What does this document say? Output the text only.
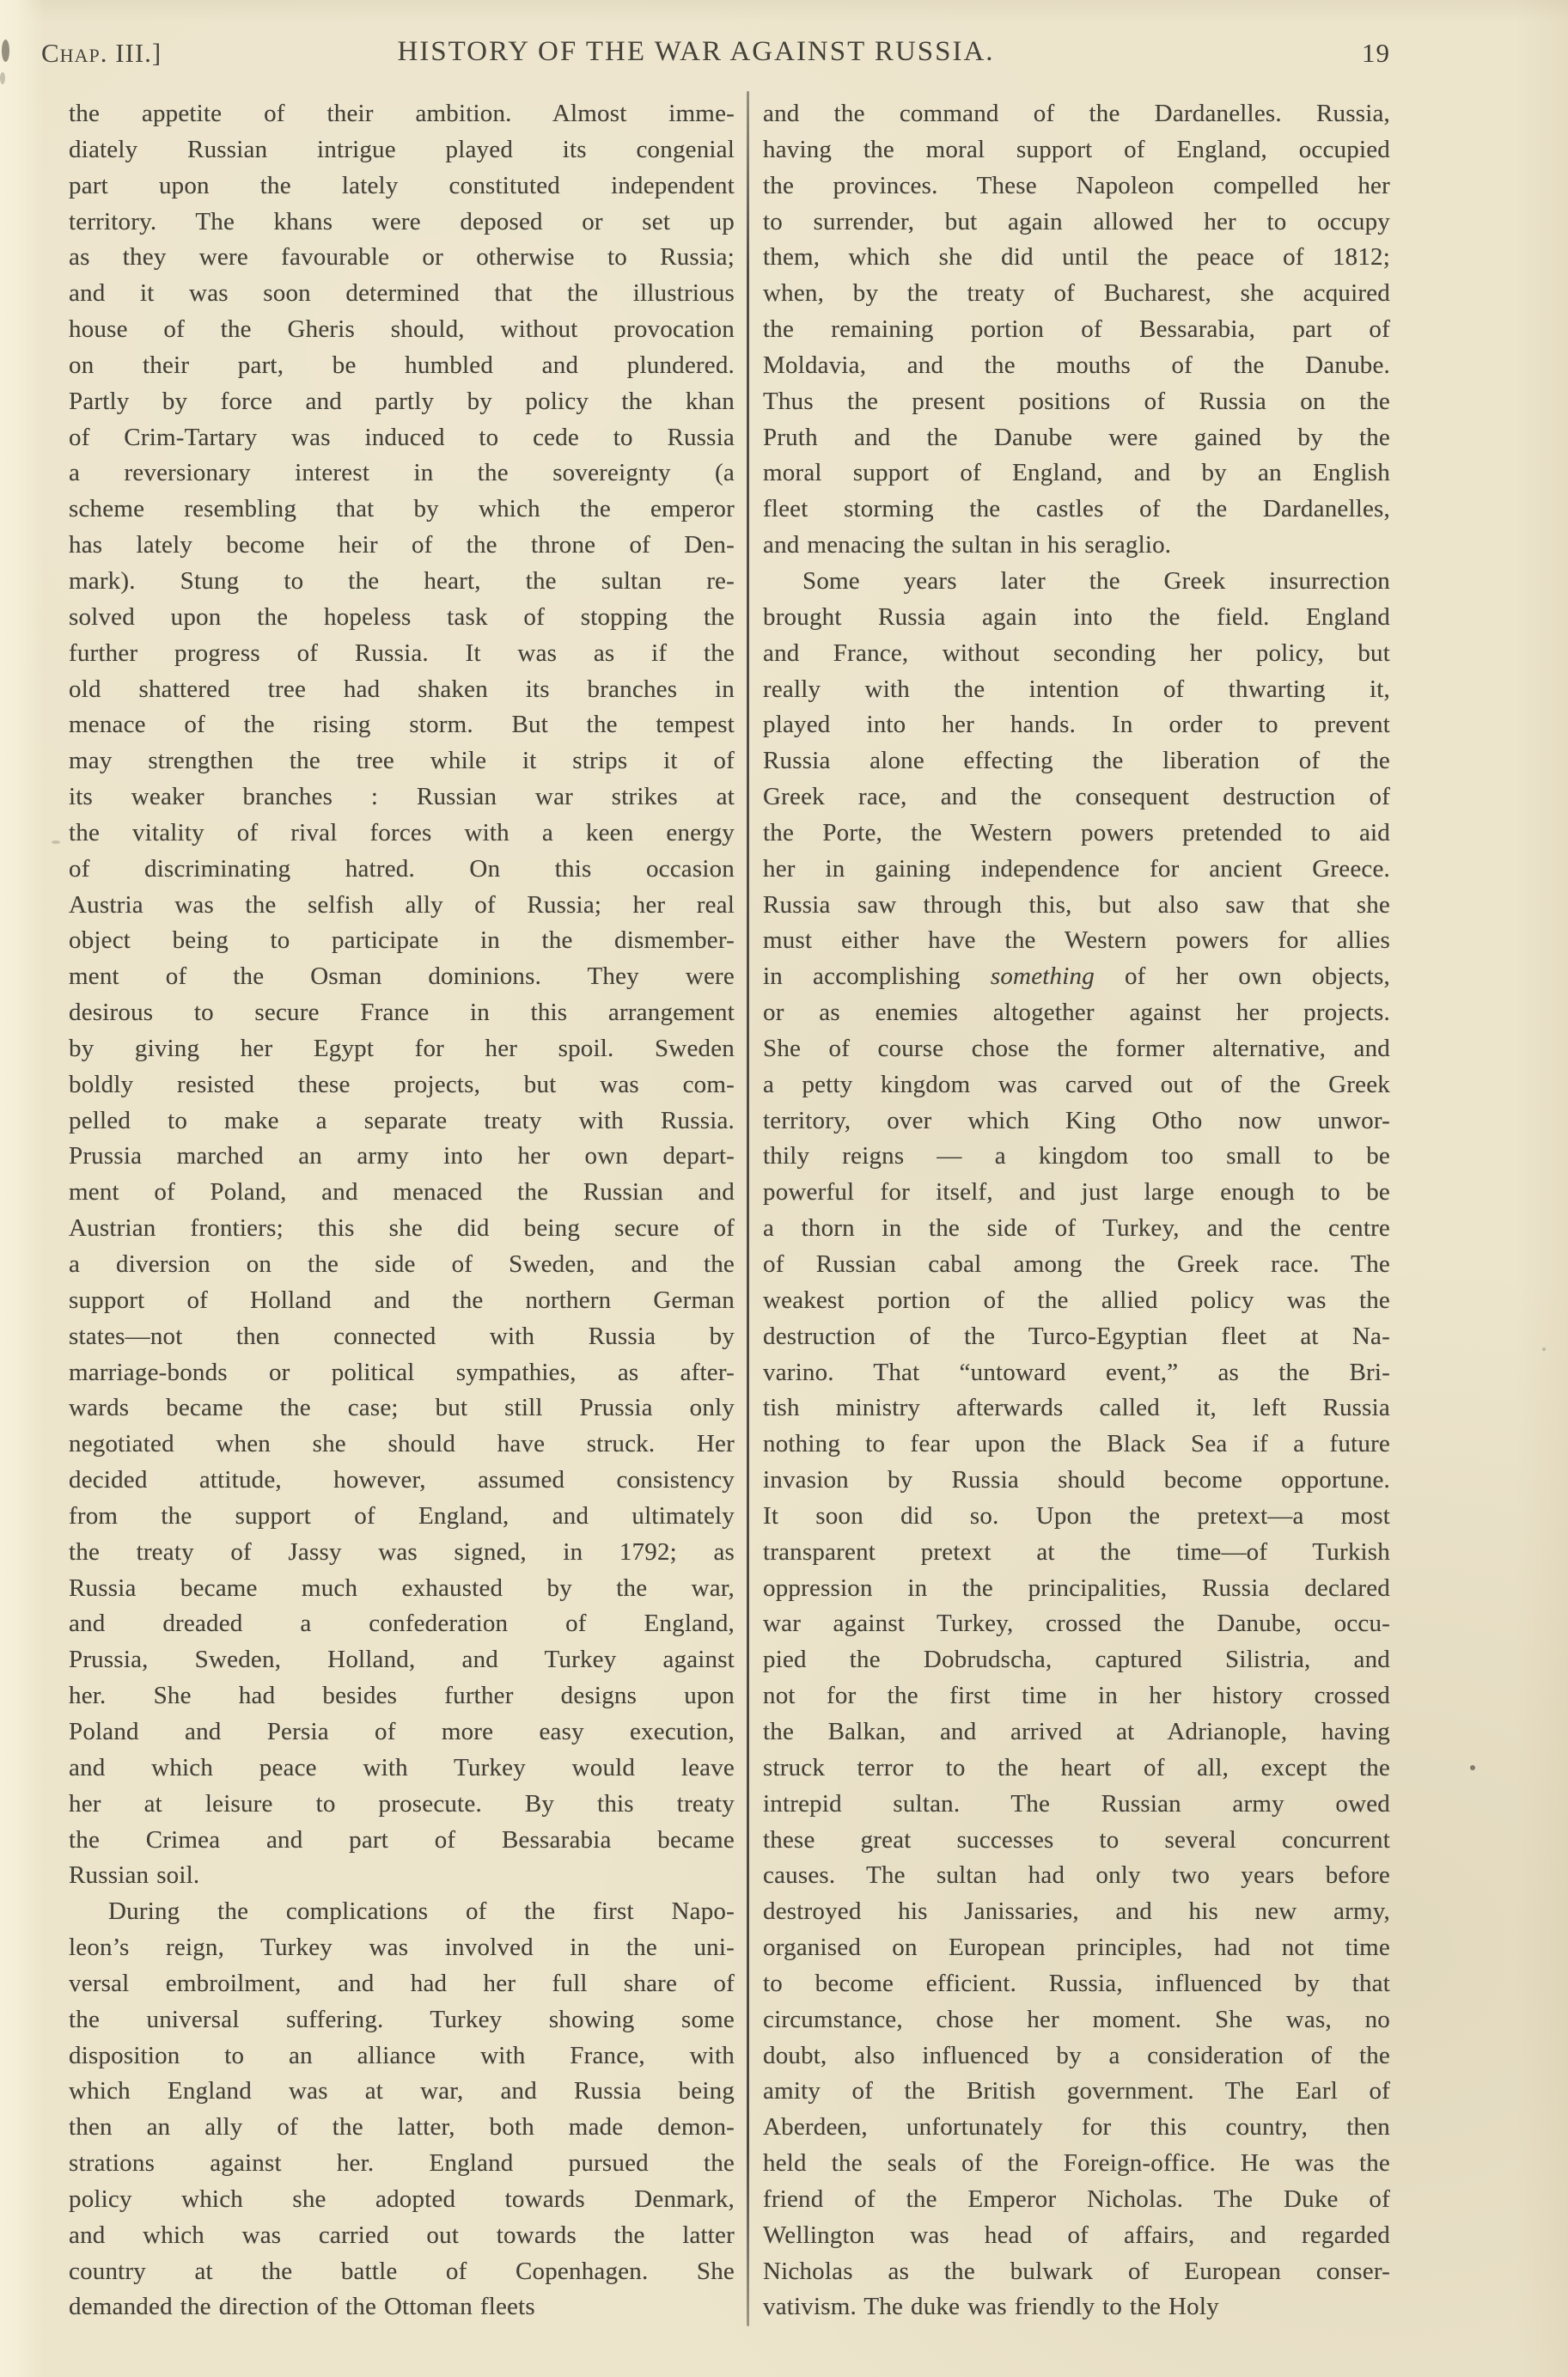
Chap. III.]	HISTORY OF THE WAR AGAINST RUSSIA.	19
the appetite of their ambition. Almost imme-
diately Russian intrigue played its congenial
part upon the lately constituted independent
territory. The khans were deposed or set up
as they were favourable or otherwise to Russia;
and it was soon determined that the illustrious
house of the Gheris should, without provocation
on their part, be humbled and plundered.
Partly by force and partly by policy the khan
of Crim-Tartary was induced to cede to Russia
a reversionary interest in the sovereignty (a
scheme resembling that by which the emperor
has lately become heir of the throne of Den-
mark). Stung to the heart, the sultan re-
solved upon the hopeless task of stopping the
further progress of Russia. It was as if the
old shattered tree had shaken its branches in
menace of the rising storm. But the tempest
may strengthen the tree while it strips it of
its weaker branches : Russian war strikes at
the vitality of rival forces with a keen energy
of discriminating hatred. On this occasion
Austria was the selfish ally of Russia; her real
object being to participate in the dismember-
ment of the Osman dominions. They were
desirous to secure France in this arrangement
by giving her Egypt for her spoil. Sweden
boldly resisted these projects, but was com-
pelled to make a separate treaty with Russia.
Prussia marched an army into her own depart-
ment of Poland, and menaced the Russian and
Austrian frontiers; this she did being secure of
a diversion on the side of Sweden, and the
support of Holland and the northern German
states—not then connected with Russia by
marriage-bonds or political sympathies, as after-
wards became the case; but still Prussia only
negotiated when she should have struck. Her
decided attitude, however, assumed consistency
from the support of England, and ultimately
the treaty of Jassy was signed, in 1792; as
Russia became much exhausted by the war,
and dreaded a confederation of England,
Prussia, Sweden, Holland, and Turkey against
her. She had besides further designs upon
Poland and Persia of more easy execution,
and which peace with Turkey would leave
her at leisure to prosecute. By this treaty
the Crimea and part of Bessarabia became
Russian soil.
During the complications of the first Napo-
leon’s reign, Turkey was involved in the uni-
versal embroilment, and had her full share of
the universal suffering. Turkey showing some
disposition to an alliance with France, with
which England was at war, and Russia being
then an ally of the latter, both made demon-
strations against her. England pursued the
policy which she adopted towards Denmark,
and which was carried out towards the latter
country at the battle of Copenhagen. She
demanded the direction of the Ottoman fleets
and the command of the Dardanelles. Russia,
having the moral support of England, occupied
the provinces. These Napoleon compelled her
to surrender, but again allowed her to occupy
them, which she did until the peace of 1812;
when, by the treaty of Bucharest, she acquired
the remaining portion of Bessarabia, part of
Moldavia, and the mouths of the Danube.
Thus the present positions of Russia on the
Pruth and the Danube were gained by the
moral support of England, and by an English
fleet storming the castles of the Dardanelles,
and menacing the sultan in his seraglio.
Some years later the Greek insurrection
brought Russia again into the field. England
and France, without seconding her policy, but
really with the intention of thwarting it,
played into her hands. In order to prevent
Russia alone effecting the liberation of the
Greek race, and the consequent destruction of
the Porte, the Western powers pretended to aid
her in gaining independence for ancient Greece.
Russia saw through this, but also saw that she
must either have the Western powers for allies
in accomplishing something of her own objects,
or as enemies altogether against her projects.
She of course chose the former alternative, and
a petty kingdom was carved out of the Greek
territory, over which King Otho now unwor-
thily reigns — a kingdom too small to be
powerful for itself, and just large enough to be
a thorn in the side of Turkey, and the centre
of Russian cabal among the Greek race. The
weakest portion of the allied policy was the
destruction of the Turco-Egyptian fleet at Na-
varino. That “untoward event,” as the Bri-
tish ministry afterwards called it, left Russia
nothing to fear upon the Black Sea if a future
invasion by Russia should become opportune.
It soon did so. Upon the pretext—a most
transparent pretext at the time—of Turkish
oppression in the principalities, Russia declared
war against Turkey, crossed the Danube, occu-
pied the Dobrudscha, captured Silistria, and
not for the first time in her history crossed
the Balkan, and arrived at Adrianople, having
struck terror to the heart of all, except the
intrepid sultan. The Russian army owed
these great successes to several concurrent
causes. The sultan had only two years before
destroyed his Janissaries, and his new army,
organised on European principles, had not time
to become efficient. Russia, influenced by that
circumstance, chose her moment. She was, no
doubt, also influenced by a consideration of the
amity of the British government. The Earl of
Aberdeen, unfortunately for this country, then
held the seals of the Foreign-office. He was the
friend of the Emperor Nicholas. The Duke of
Wellington was head of affairs, and regarded
Nicholas as the bulwark of European conser-
vativism. The duke was friendly to the Holy
